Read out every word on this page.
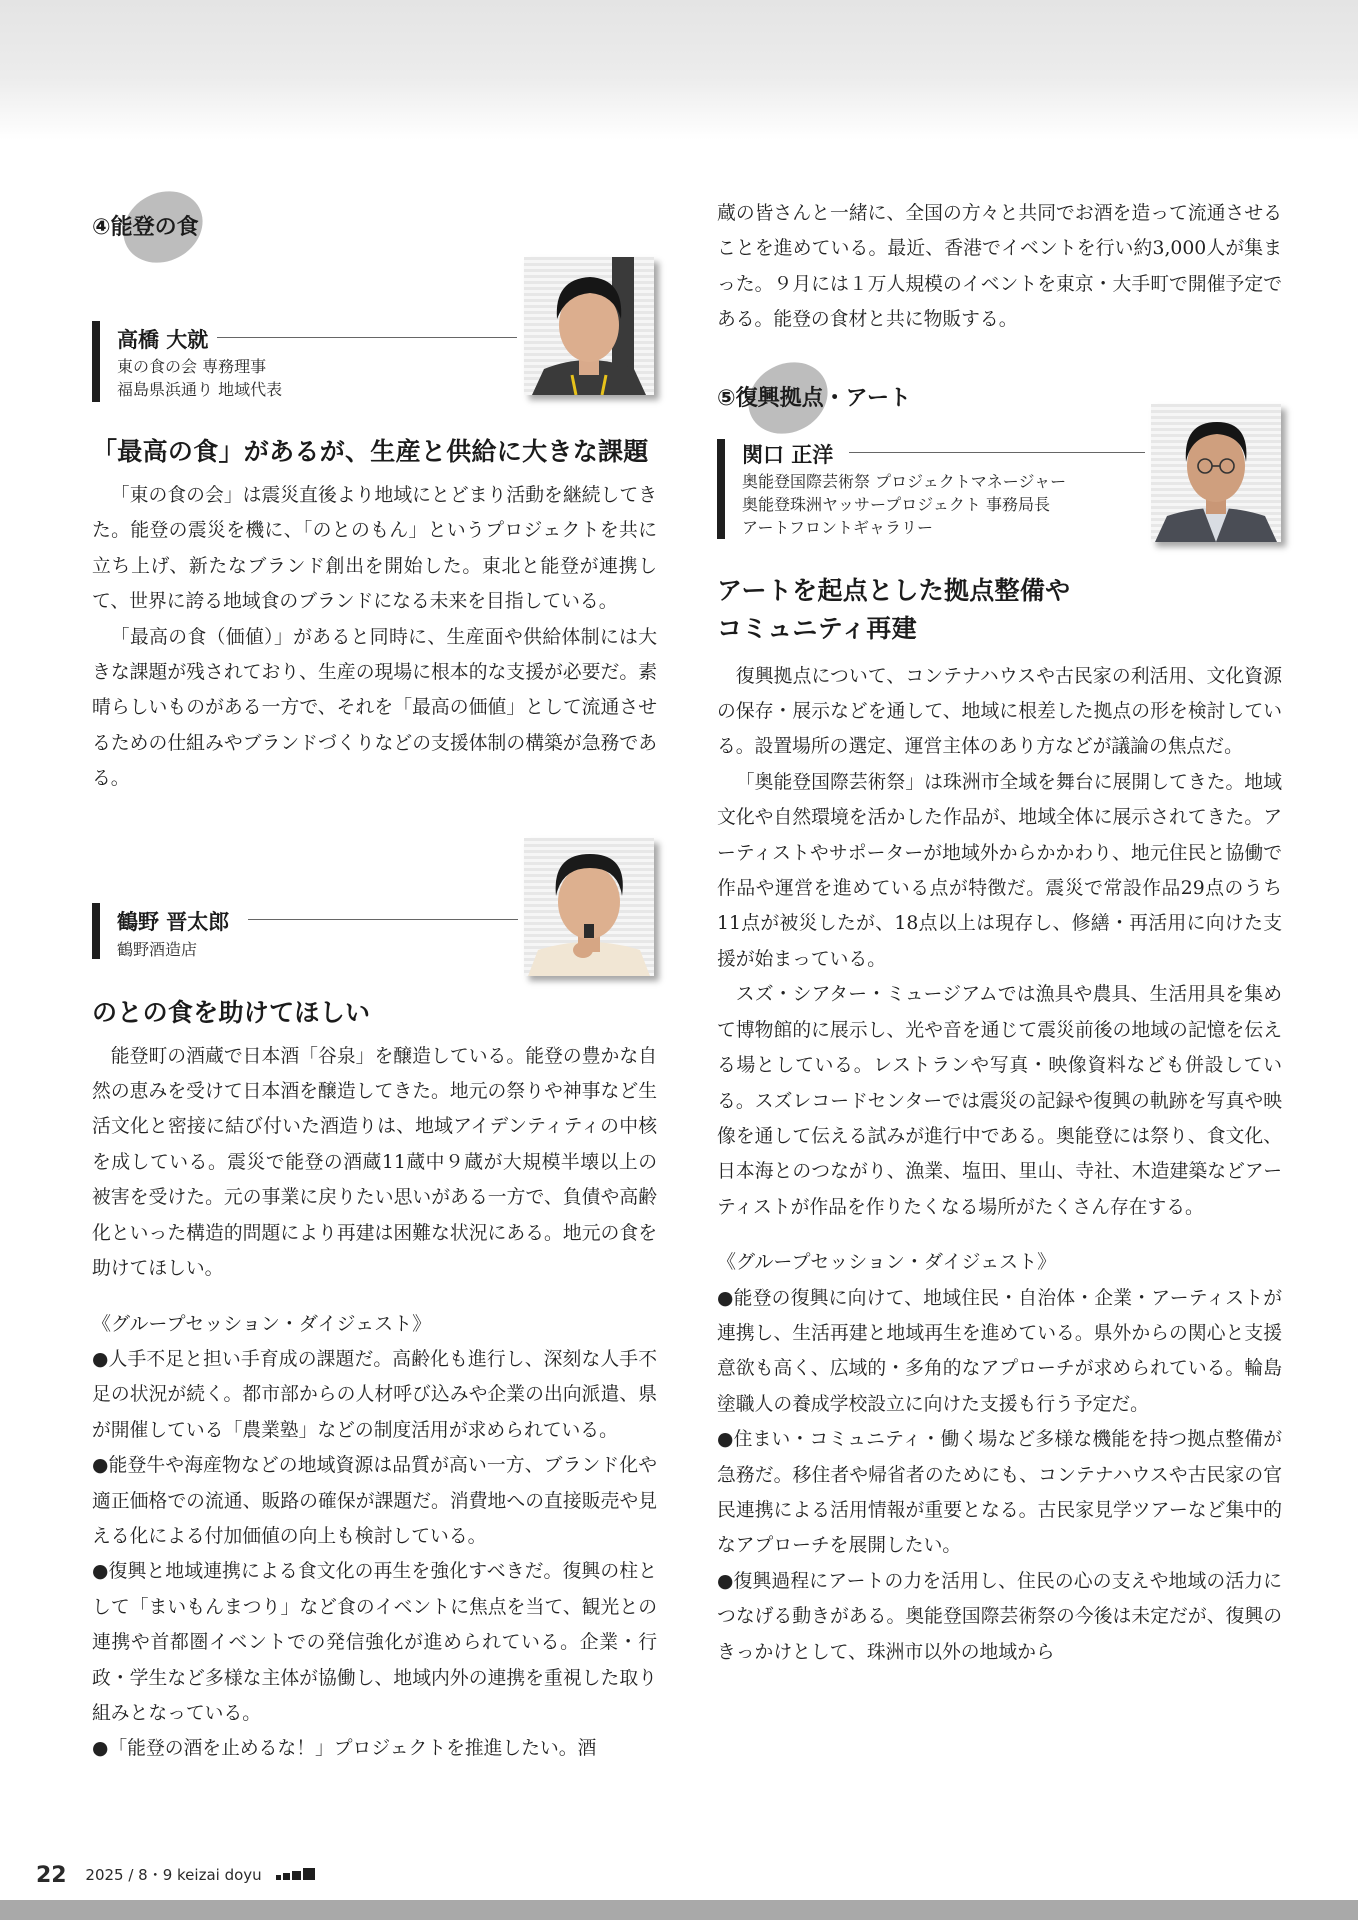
④能登の食
高橋 大就
東の食の会 専務理事
福島県浜通り 地域代表
「最高の食」があるが、生産と供給に大きな課題

「東の食の会」は震災直後より地域にとどまり活動を継続してきた。能登の震災を機に、「のとのもん」というプロジェクトを共に立ち上げ、新たなブランド創出を開始した。東北と能登が連携して、世界に誇る地域食のブランドになる未来を目指している。

「最高の食（価値）」があると同時に、生産面や供給体制には大きな課題が残されており、生産の現場に根本的な支援が必要だ。素晴らしいものがある一方で、それを「最高の価値」として流通させるための仕組みやブランドづくりなどの支援体制の構築が急務である。

鶴野 晋太郎
鶴野酒造店
のとの食を助けてほしい

能登町の酒蔵で日本酒「谷泉」を醸造している。能登の豊かな自然の恵みを受けて日本酒を醸造してきた。地元の祭りや神事など生活文化と密接に結び付いた酒造りは、地域アイデンティティの中核を成している。震災で能登の酒蔵11蔵中９蔵が大規模半壊以上の被害を受けた。元の事業に戻りたい思いがある一方で、負債や高齢化といった構造的問題により再建は困難な状況にある。地元の食を助けてほしい。

《グループセッション・ダイジェスト》

●人手不足と担い手育成の課題だ。高齢化も進行し、深刻な人手不足の状況が続く。都市部からの人材呼び込みや企業の出向派遣、県が開催している「農業塾」などの制度活用が求められている。

●能登牛や海産物などの地域資源は品質が高い一方、ブランド化や適正価格での流通、販路の確保が課題だ。消費地への直接販売や見える化による付加価値の向上も検討している。

●復興と地域連携による食文化の再生を強化すべきだ。復興の柱として「まいもんまつり」など食のイベントに焦点を当て、観光との連携や首都圏イベントでの発信強化が進められている。企業・行政・学生など多様な主体が協働し、地域内外の連携を重視した取り組みとなっている。

●「能登の酒を止めるな！」プロジェクトを推進したい。酒

蔵の皆さんと一緒に、全国の方々と共同でお酒を造って流通させることを進めている。最近、香港でイベントを行い約3,000人が集まった。９月には１万人規模のイベントを東京・大手町で開催予定である。能登の食材と共に物販する。

⑤復興拠点・アート
関口 正洋
奥能登国際芸術祭 プロジェクトマネージャー
奥能登珠洲ヤッサープロジェクト 事務局長
アートフロントギャラリー
アートを起点とした拠点整備や
コミュニティ再建

復興拠点について、コンテナハウスや古民家の利活用、文化資源の保存・展示などを通して、地域に根差した拠点の形を検討している。設置場所の選定、運営主体のあり方などが議論の焦点だ。

「奥能登国際芸術祭」は珠洲市全域を舞台に展開してきた。地域文化や自然環境を活かした作品が、地域全体に展示されてきた。アーティストやサポーターが地域外からかかわり、地元住民と協働で作品や運営を進めている点が特徴だ。震災で常設作品29点のうち11点が被災したが、18点以上は現存し、修繕・再活用に向けた支援が始まっている。

スズ・シアター・ミュージアムでは漁具や農具、生活用具を集めて博物館的に展示し、光や音を通じて震災前後の地域の記憶を伝える場としている。レストランや写真・映像資料なども併設している。スズレコードセンターでは震災の記録や復興の軌跡を写真や映像を通して伝える試みが進行中である。奥能登には祭り、食文化、日本海とのつながり、漁業、塩田、里山、寺社、木造建築などアーティストが作品を作りたくなる場所がたくさん存在する。

《グループセッション・ダイジェスト》

●能登の復興に向けて、地域住民・自治体・企業・アーティストが連携し、生活再建と地域再生を進めている。県外からの関心と支援意欲も高く、広域的・多角的なアプローチが求められている。輪島塗職人の養成学校設立に向けた支援も行う予定だ。

●住まい・コミュニティ・働く場など多様な機能を持つ拠点整備が急務だ。移住者や帰省者のためにも、コンテナハウスや古民家の官民連携による活用情報が重要となる。古民家見学ツアーなど集中的なアプローチを展開したい。

●復興過程にアートの力を活用し、住民の心の支えや地域の活力につなげる動きがある。奥能登国際芸術祭の今後は未定だが、復興のきっかけとして、珠洲市以外の地域から

22 2025 / 8・9 keizai doyu
